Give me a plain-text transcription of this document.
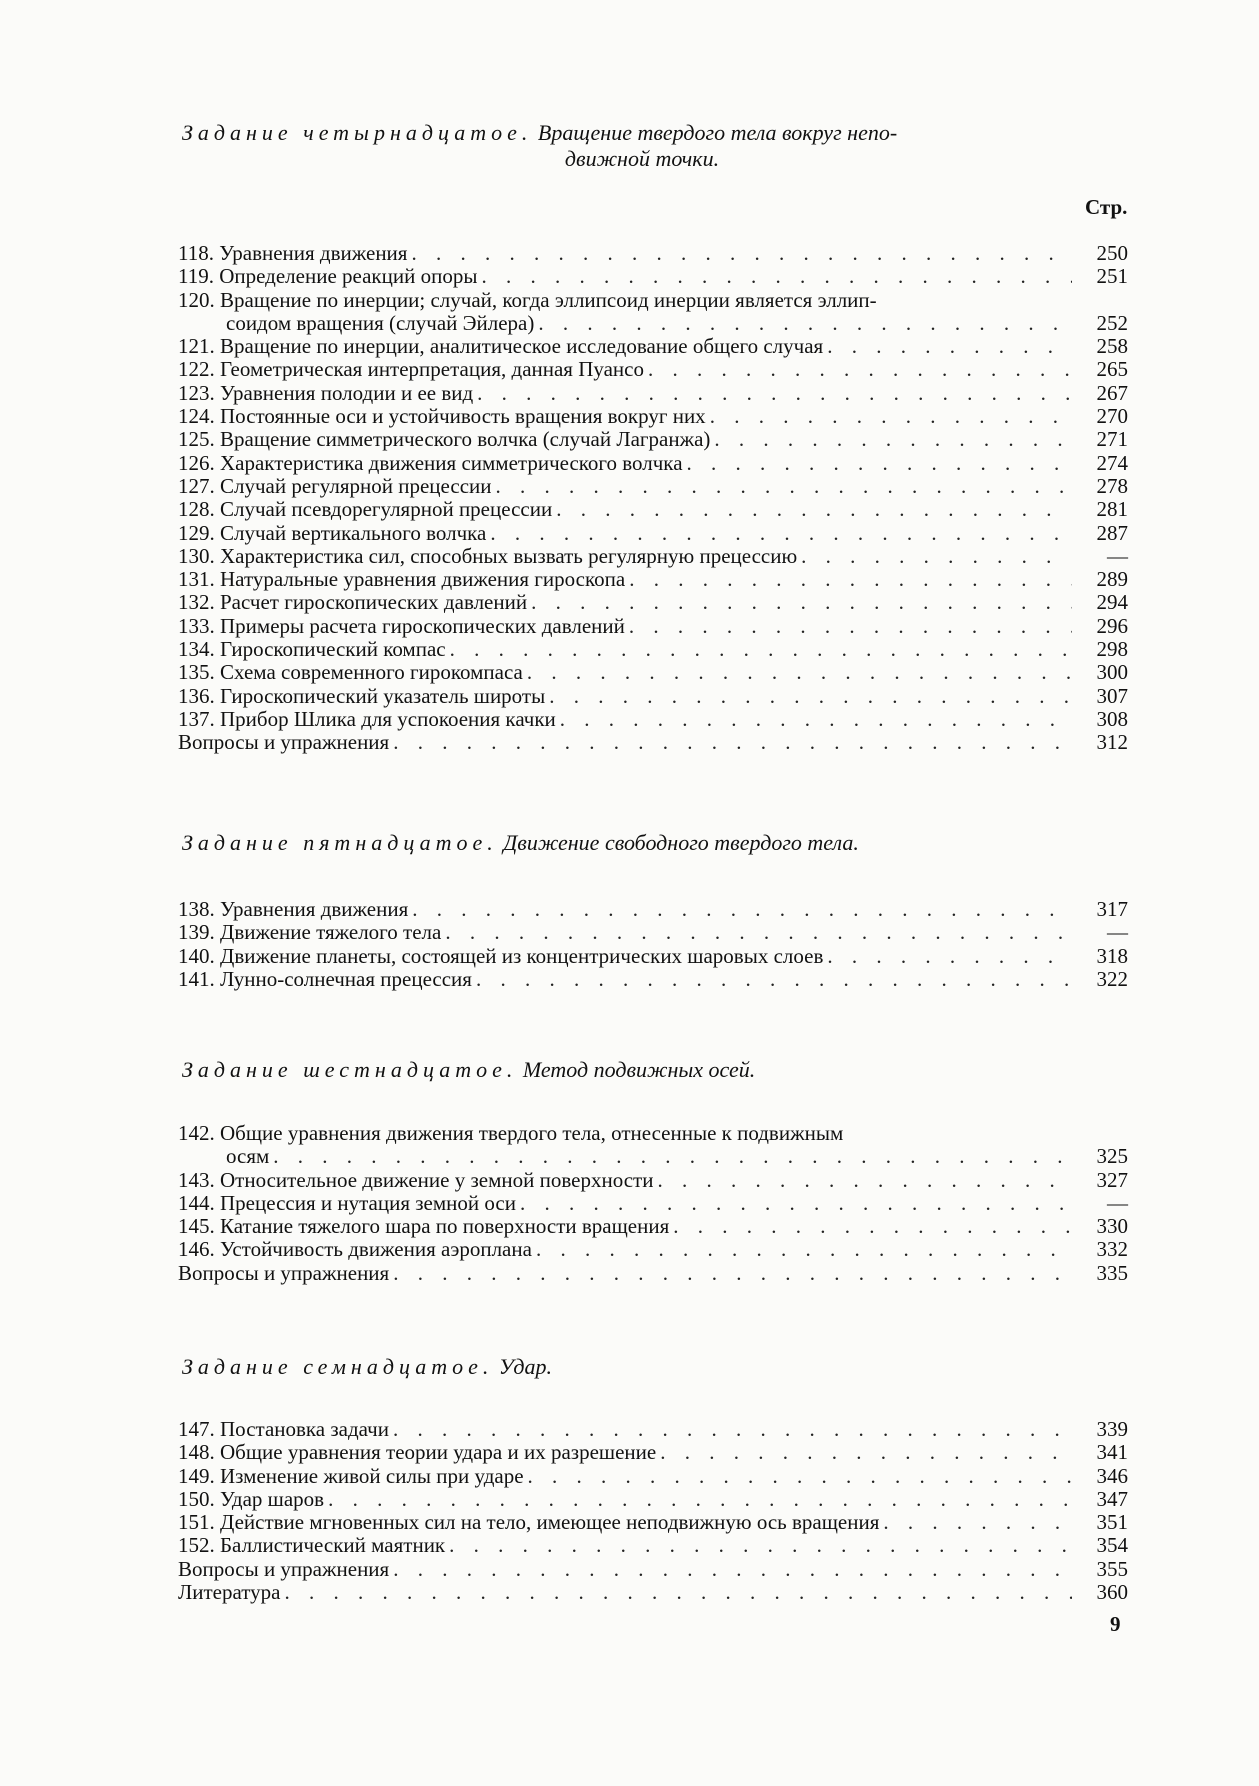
Задание четырнадцатое. Вращение твердого тела вокруг непо-
движной точки.
Стр.
118. Уравнения движения . . .	250
119. Определение реакций опоры . . .	251
120. Вращение по инерции; случай, когда эллипсоид инерции является эллип-
соидом вращения (случай Эйлера) . . .	252
121. Вращение по инерции, аналитическое исследование общего случая . . .	258
122. Геометрическая интерпретация, данная Пуансо . . .	265
123. Уравнения полодии и ее вид . . .	267
124. Постоянные оси и устойчивость вращения вокруг них . . .	270
125. Вращение симметрического волчка (случай Лагранжа) . . .	271
126. Характеристика движения симметрического волчка . . .	274
127. Случай регулярной прецессии . . .	278
128. Случай псевдорегулярной прецессии . . .	281
129. Случай вертикального волчка . . .	287
130. Характеристика сил, способных вызвать регулярную прецессию . . .	—
131. Натуральные уравнения движения гироскопа . . .	289
132. Расчет гироскопических давлений . . .	294
133. Примеры расчета гироскопических давлений . . .	296
134. Гироскопический компас . . .	298
135. Схема современного гирокомпаса . . .	300
136. Гироскопический указатель широты . . .	307
137. Прибор Шлика для успокоения качки . . .	308
Вопросы и упражнения . . .	312
Задание пятнадцатое. Движение свободного твердого тела.
138. Уравнения движения . . .	317
139. Движение тяжелого тела . . .	—
140. Движение планеты, состоящей из концентрических шаровых слоев . . .	318
141. Лунно-солнечная прецессия . . .	322
Задание шестнадцатое. Метод подвижных осей.
142. Общие уравнения движения твердого тела, отнесенные к подвижным
осям . . .	325
143. Относительное движение у земной поверхности . . .	327
144. Прецессия и нутация земной оси . . .	—
145. Катание тяжелого шара по поверхности вращения . . .	330
146. Устойчивость движения аэроплана . . .	332
Вопросы и упражнения . . .	335
Задание семнадцатое. Удар.
147. Постановка задачи . . .	339
148. Общие уравнения теории удара и их разрешение . . .	341
149. Изменение живой силы при ударе . . .	346
150. Удар шаров . . .	347
151. Действие мгновенных сил на тело, имеющее неподвижную ось вращения . . .	351
152. Баллистический маятник . . .	354
Вопросы и упражнения . . .	355
Литература . . .	360
9
